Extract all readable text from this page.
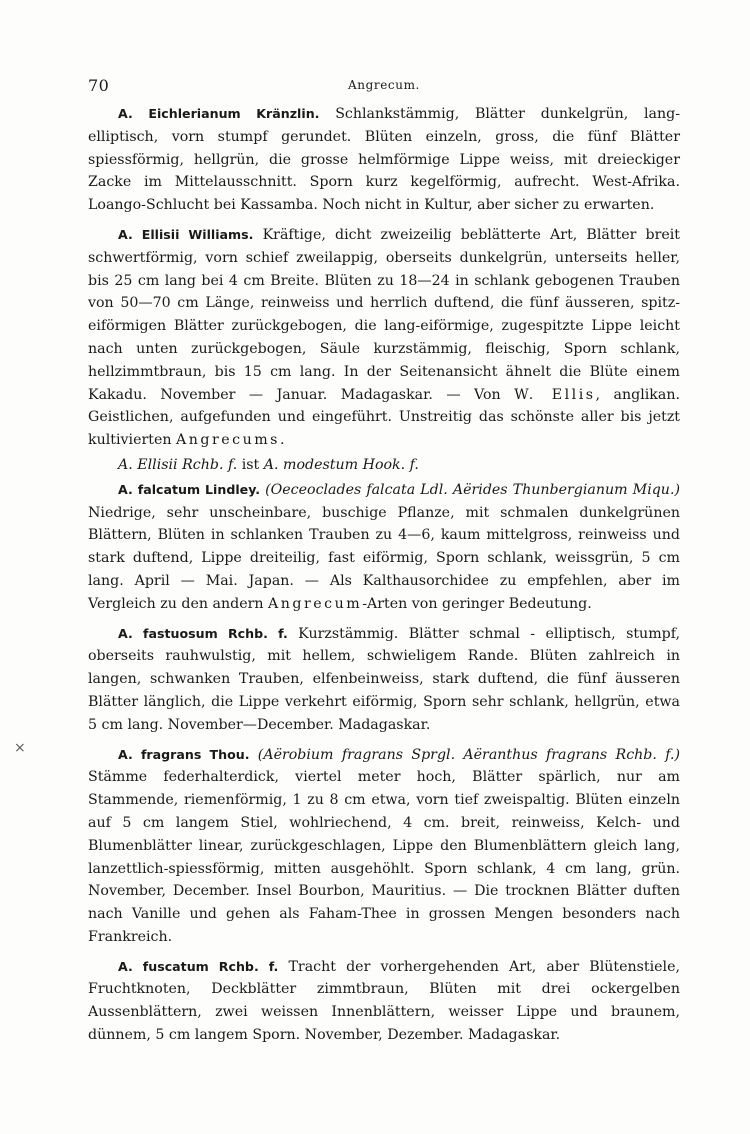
70	Angrecum.

A. Eichlerianum Kränzlin. Schlankstämmig, Blätter dunkelgrün, lang-elliptisch, vorn stumpf gerundet. Blüten einzeln, gross, die fünf Blätter spiessförmig, hellgrün, die grosse helmförmige Lippe weiss, mit dreieckiger Zacke im Mittelausschnitt. Sporn kurz kegelförmig, aufrecht. West-Afrika. Loango-Schlucht bei Kassamba. Noch nicht in Kultur, aber sicher zu erwarten.

A. Ellisii Williams. Kräftige, dicht zweizeilig beblätterte Art, Blätter breit schwertförmig, vorn schief zweilappig, oberseits dunkelgrün, unterseits heller, bis 25 cm lang bei 4 cm Breite. Blüten zu 18—24 in schlank gebogenen Trauben von 50—70 cm Länge, reinweiss und herrlich duftend, die fünf äusseren, spitz-eiförmigen Blätter zurückgebogen, die lang-eiförmige, zugespitzte Lippe leicht nach unten zurückgebogen, Säule kurzstämmig, fleischig, Sporn schlank, hellzimmtbraun, bis 15 cm lang. In der Seitenansicht ähnelt die Blüte einem Kakadu. November — Januar. Madagaskar. — Von W. Ellis, anglikan. Geistlichen, aufgefunden und eingeführt. Unstreitig das schönste aller bis jetzt kultivierten Angrecums.

A. Ellisii Rchb. f. ist A. modestum Hook. f.

A. falcatum Lindley. (Oeceoclades falcata Ldl. Aërides Thunbergianum Miqu.) Niedrige, sehr unscheinbare, buschige Pflanze, mit schmalen dunkelgrünen Blättern, Blüten in schlanken Trauben zu 4—6, kaum mittelgross, reinweiss und stark duftend, Lippe dreiteilig, fast eiförmig, Sporn schlank, weissgrün, 5 cm lang. April — Mai. Japan. — Als Kalthausorchidee zu empfehlen, aber im Vergleich zu den andern Angrecum-Arten von geringer Bedeutung.

A. fastuosum Rchb. f. Kurzstämmig. Blätter schmal - elliptisch, stumpf, oberseits rauhwulstig, mit hellem, schwieligem Rande. Blüten zahlreich in langen, schwanken Trauben, elfenbeinweiss, stark duftend, die fünf äusseren Blätter länglich, die Lippe verkehrt eiförmig, Sporn sehr schlank, hellgrün, etwa 5 cm lang. November—December. Madagaskar.

A. fragrans Thou. (Aërobium fragrans Sprgl. Aëranthus fragrans Rchb. f.) Stämme federhalterdick, viertel meter hoch, Blätter spärlich, nur am Stammende, riemenförmig, 1 zu 8 cm etwa, vorn tief zweispaltig. Blüten einzeln auf 5 cm langem Stiel, wohlriechend, 4 cm. breit, reinweiss, Kelch- und Blumenblätter linear, zurückgeschlagen, Lippe den Blumenblättern gleich lang, lanzettlich-spiessförmig, mitten ausgehöhlt. Sporn schlank, 4 cm lang, grün. November, December. Insel Bourbon, Mauritius. — Die trocknen Blätter duften nach Vanille und gehen als Faham-Thee in grossen Mengen besonders nach Frankreich.

A. fuscatum Rchb. f. Tracht der vorhergehenden Art, aber Blütenstiele, Fruchtknoten, Deckblätter zimmtbraun, Blüten mit drei ockergelben Aussenblättern, zwei weissen Innenblättern, weisser Lippe und braunem, dünnem, 5 cm langem Sporn. November, Dezember. Madagaskar.

×
